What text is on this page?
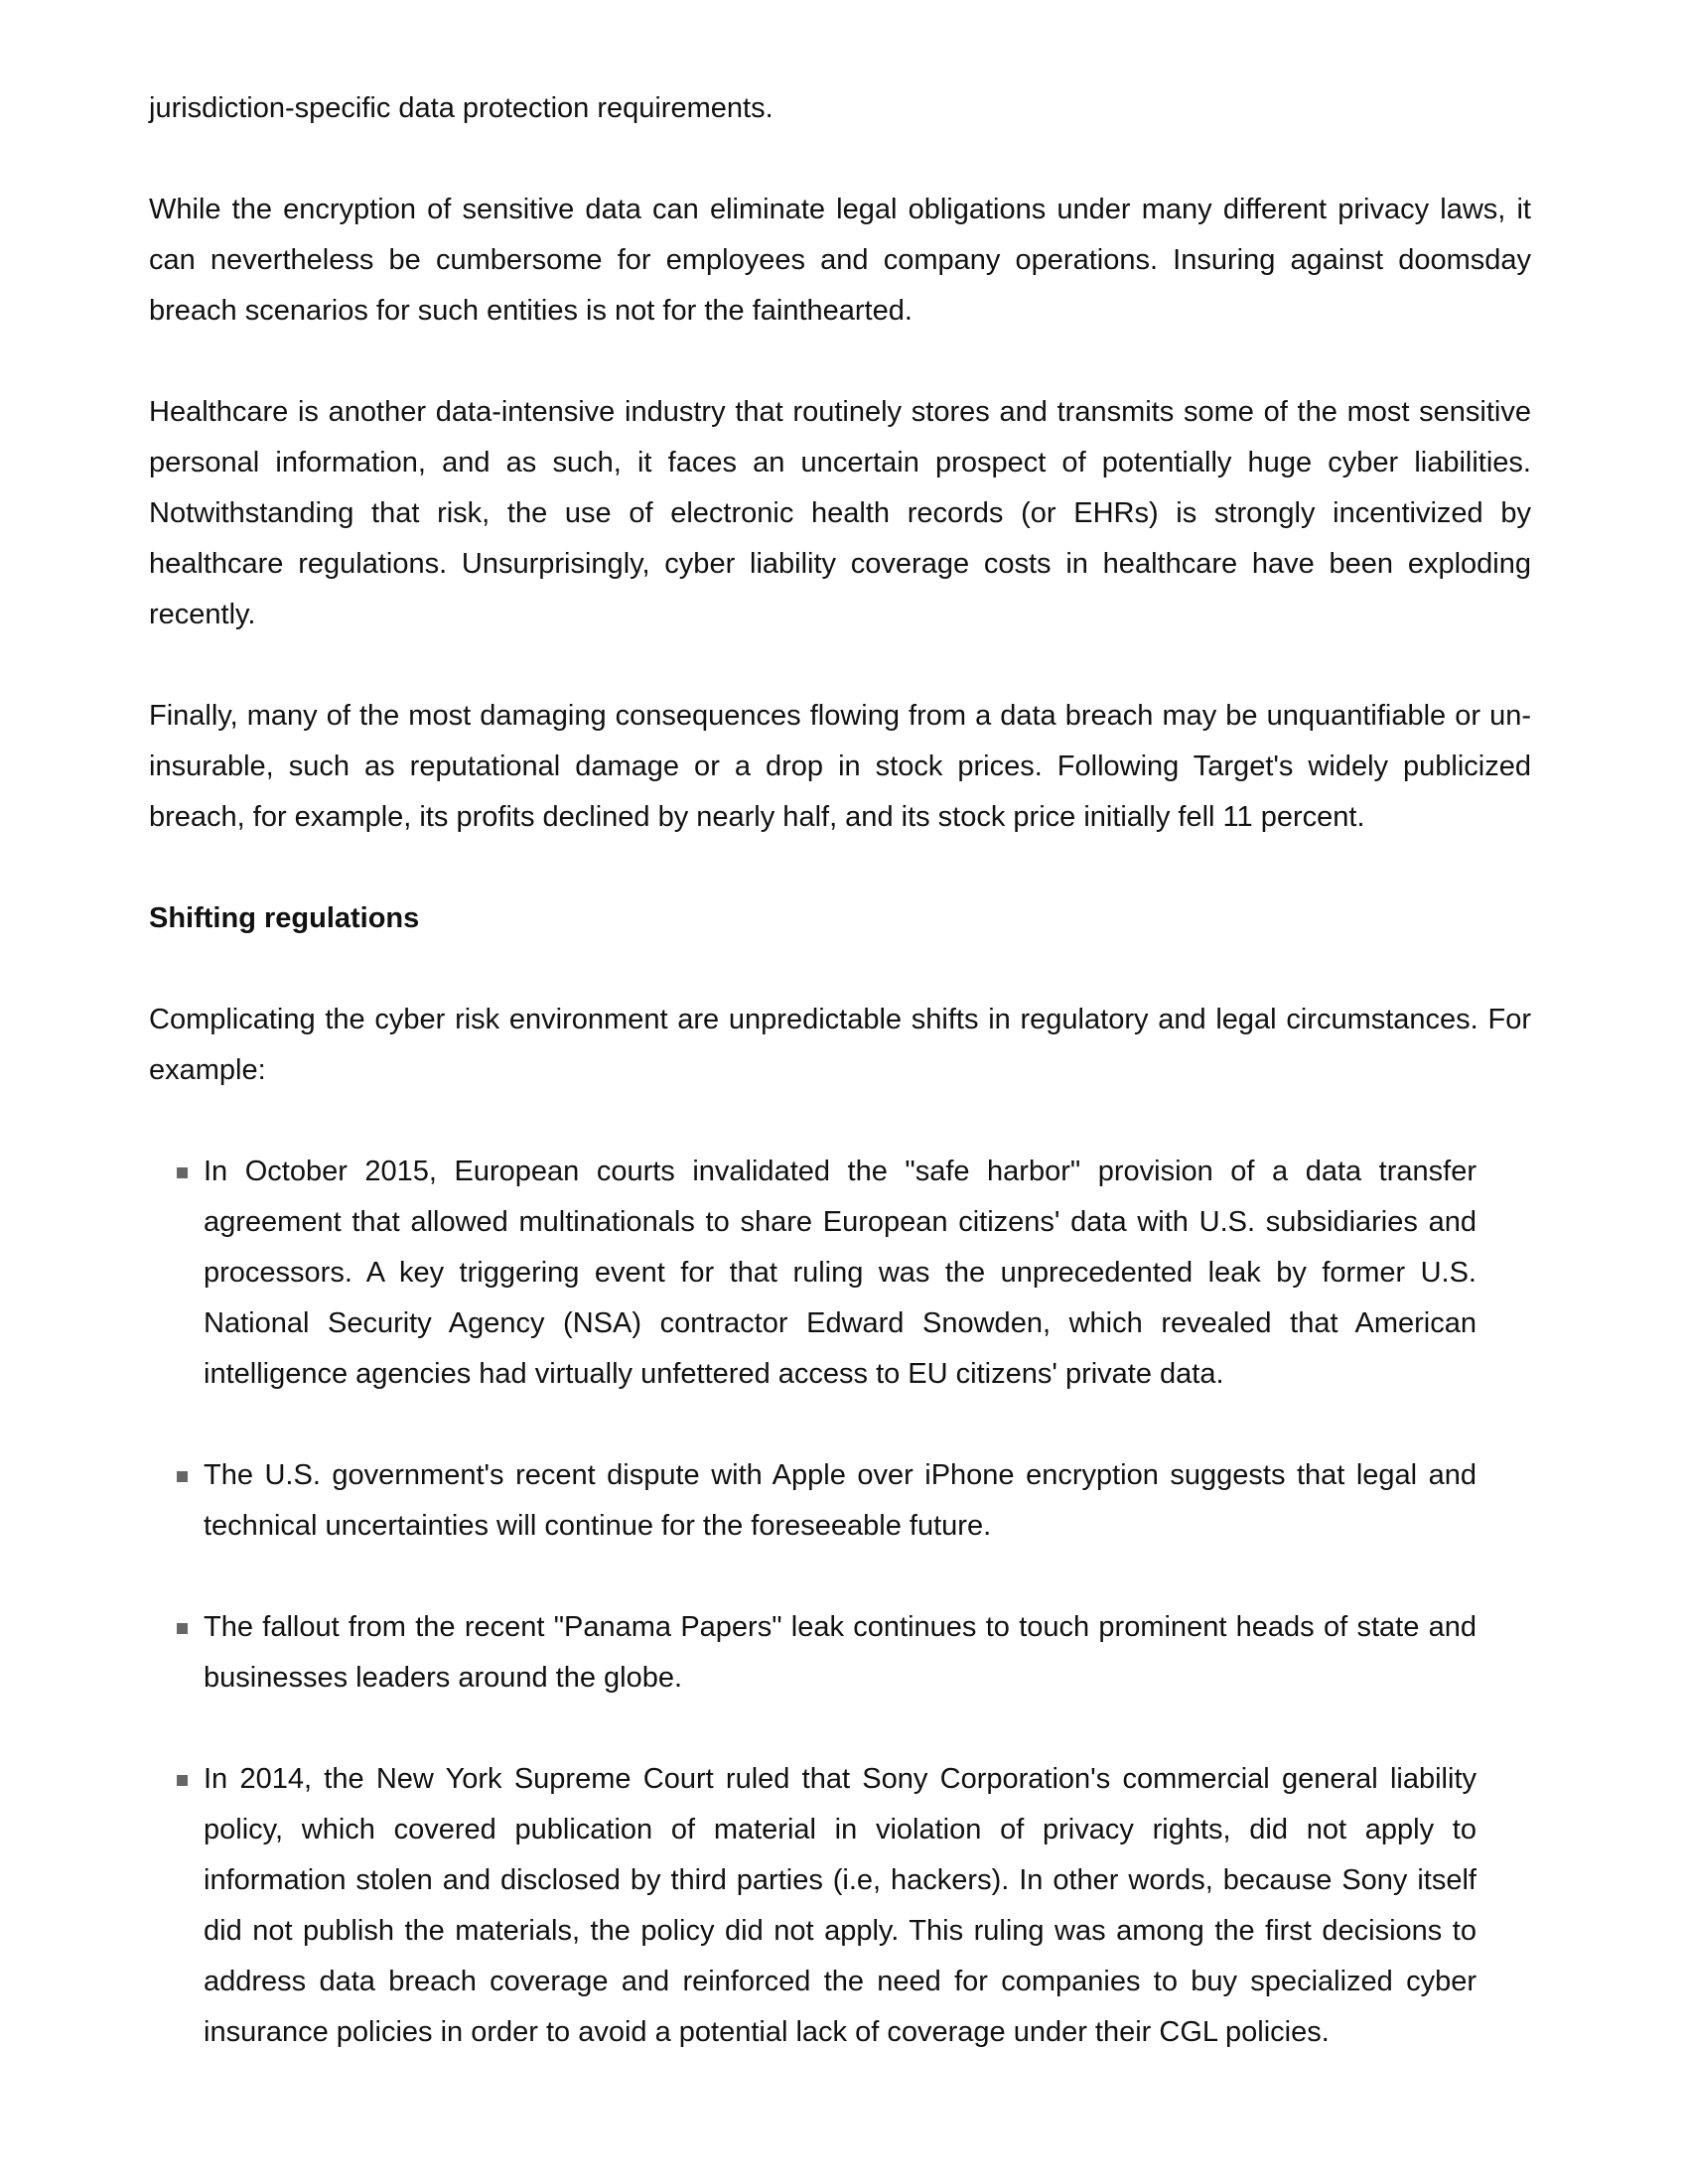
jurisdiction-specific data protection requirements.

While the encryption of sensitive data can eliminate legal obligations under many different privacy laws, it can nevertheless be cumbersome for employees and company operations. Insuring against doomsday breach scenarios for such entities is not for the fainthearted.

Healthcare is another data-intensive industry that routinely stores and transmits some of the most sensitive personal information, and as such, it faces an uncertain prospect of potentially huge cyber liabilities. Notwithstanding that risk, the use of electronic health records (or EHRs) is strongly incentivized by healthcare regulations. Unsurprisingly, cyber liability coverage costs in healthcare have been exploding recently.

Finally, many of the most damaging consequences flowing from a data breach may be unquantifiable or un-insurable, such as reputational damage or a drop in stock prices. Following Target's widely publicized breach, for example, its profits declined by nearly half, and its stock price initially fell 11 percent.

Shifting regulations

Complicating the cyber risk environment are unpredictable shifts in regulatory and legal circumstances. For example:

In October 2015, European courts invalidated the "safe harbor" provision of a data transfer agreement that allowed multinationals to share European citizens' data with U.S. subsidiaries and processors. A key triggering event for that ruling was the unprecedented leak by former U.S. National Security Agency (NSA) contractor Edward Snowden, which revealed that American intelligence agencies had virtually unfettered access to EU citizens' private data.
The U.S. government's recent dispute with Apple over iPhone encryption suggests that legal and technical uncertainties will continue for the foreseeable future.
The fallout from the recent "Panama Papers" leak continues to touch prominent heads of state and businesses leaders around the globe.
In 2014, the New York Supreme Court ruled that Sony Corporation's commercial general liability policy, which covered publication of material in violation of privacy rights, did not apply to information stolen and disclosed by third parties (i.e, hackers). In other words, because Sony itself did not publish the materials, the policy did not apply. This ruling was among the first decisions to address data breach coverage and reinforced the need for companies to buy specialized cyber insurance policies in order to avoid a potential lack of coverage under their CGL policies.
